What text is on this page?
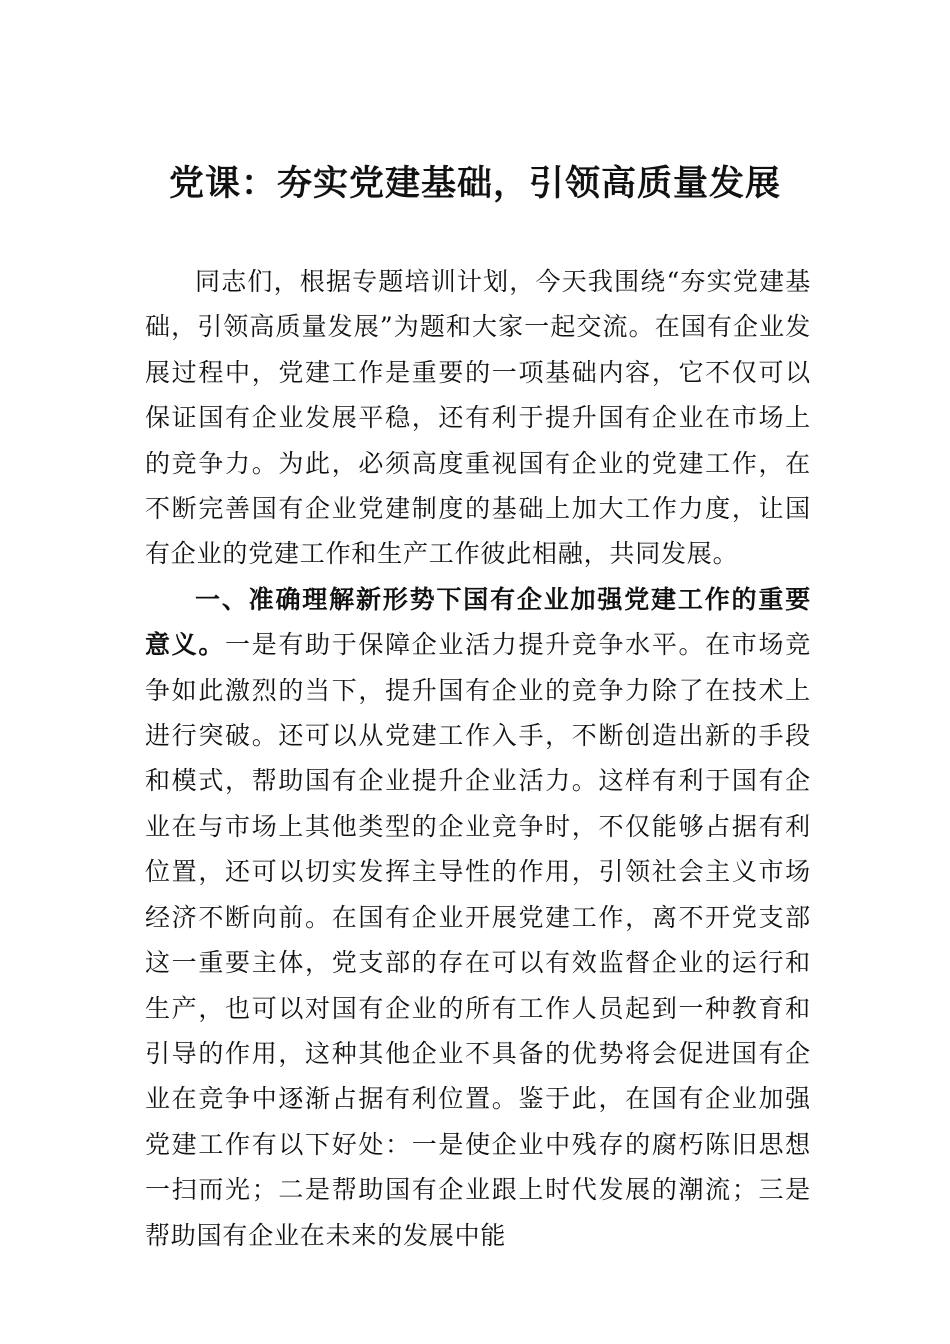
党课：夯实党建基础，引领高质量发展

同志们，根据专题培训计划，今天我围绕“夯实党建基础，引领高质量发展”为题和大家一起交流。在国有企业发展过程中，党建工作是重要的一项基础内容，它不仅可以保证国有企业发展平稳，还有利于提升国有企业在市场上的竞争力。为此，必须高度重视国有企业的党建工作，在不断完善国有企业党建制度的基础上加大工作力度，让国有企业的党建工作和生产工作彼此相融，共同发展。

一、准确理解新形势下国有企业加强党建工作的重要意义。一是有助于保障企业活力提升竞争水平。在市场竞争如此激烈的当下，提升国有企业的竞争力除了在技术上进行突破。还可以从党建工作入手，不断创造出新的手段和模式，帮助国有企业提升企业活力。这样有利于国有企业在与市场上其他类型的企业竞争时，不仅能够占据有利位置，还可以切实发挥主导性的作用，引领社会主义市场经济不断向前。在国有企业开展党建工作，离不开党支部这一重要主体，党支部的存在可以有效监督企业的运行和生产，也可以对国有企业的所有工作人员起到一种教育和引导的作用，这种其他企业不具备的优势将会促进国有企业在竞争中逐渐占据有利位置。鉴于此，在国有企业加强党建工作有以下好处：一是使企业中残存的腐朽陈旧思想一扫而光；二是帮助国有企业跟上时代发展的潮流；三是帮助国有企业在未来的发展中能
